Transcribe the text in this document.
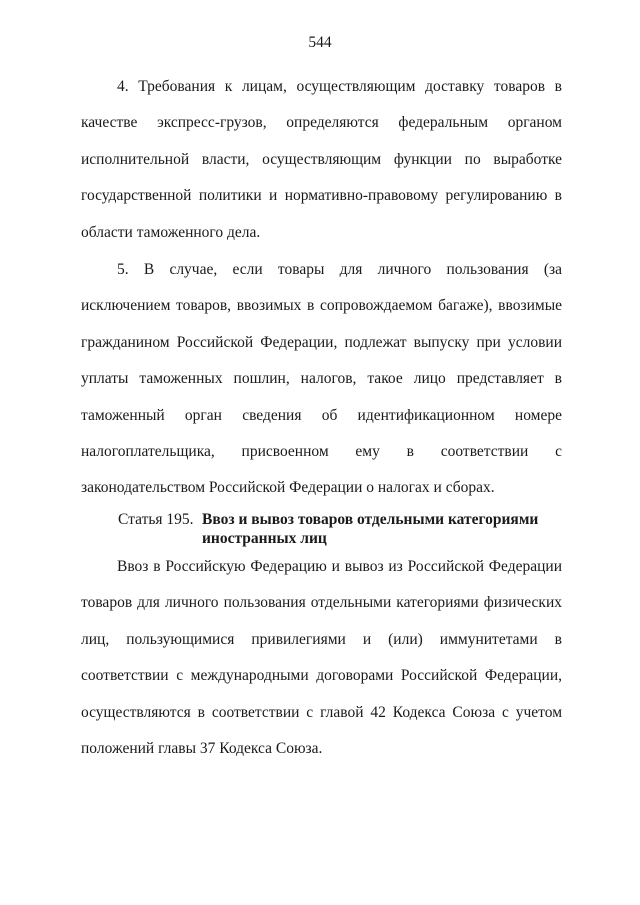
544

4. Требования к лицам, осуществляющим доставку товаров в качестве экспресс-грузов, определяются федеральным органом исполнительной власти, осуществляющим функции по выработке государственной политики и нормативно-правовому регулированию в области таможенного дела.

5. В случае, если товары для личного пользования (за исключением товаров, ввозимых в сопровождаемом багаже), ввозимые гражданином Российской Федерации, подлежат выпуску при условии уплаты таможенных пошлин, налогов, такое лицо представляет в таможенный орган сведения об идентификационном номере налогоплательщика, присвоенном ему в соответствии с законодательством Российской Федерации о налогах и сборах.

Статья 195. Ввоз и вывоз товаров отдельными категориями иностранных лиц

Ввоз в Российскую Федерацию и вывоз из Российской Федерации товаров для личного пользования отдельными категориями физических лиц, пользующимися привилегиями и (или) иммунитетами в соответствии с международными договорами Российской Федерации, осуществляются в соответствии с главой 42 Кодекса Союза с учетом положений главы 37 Кодекса Союза.
